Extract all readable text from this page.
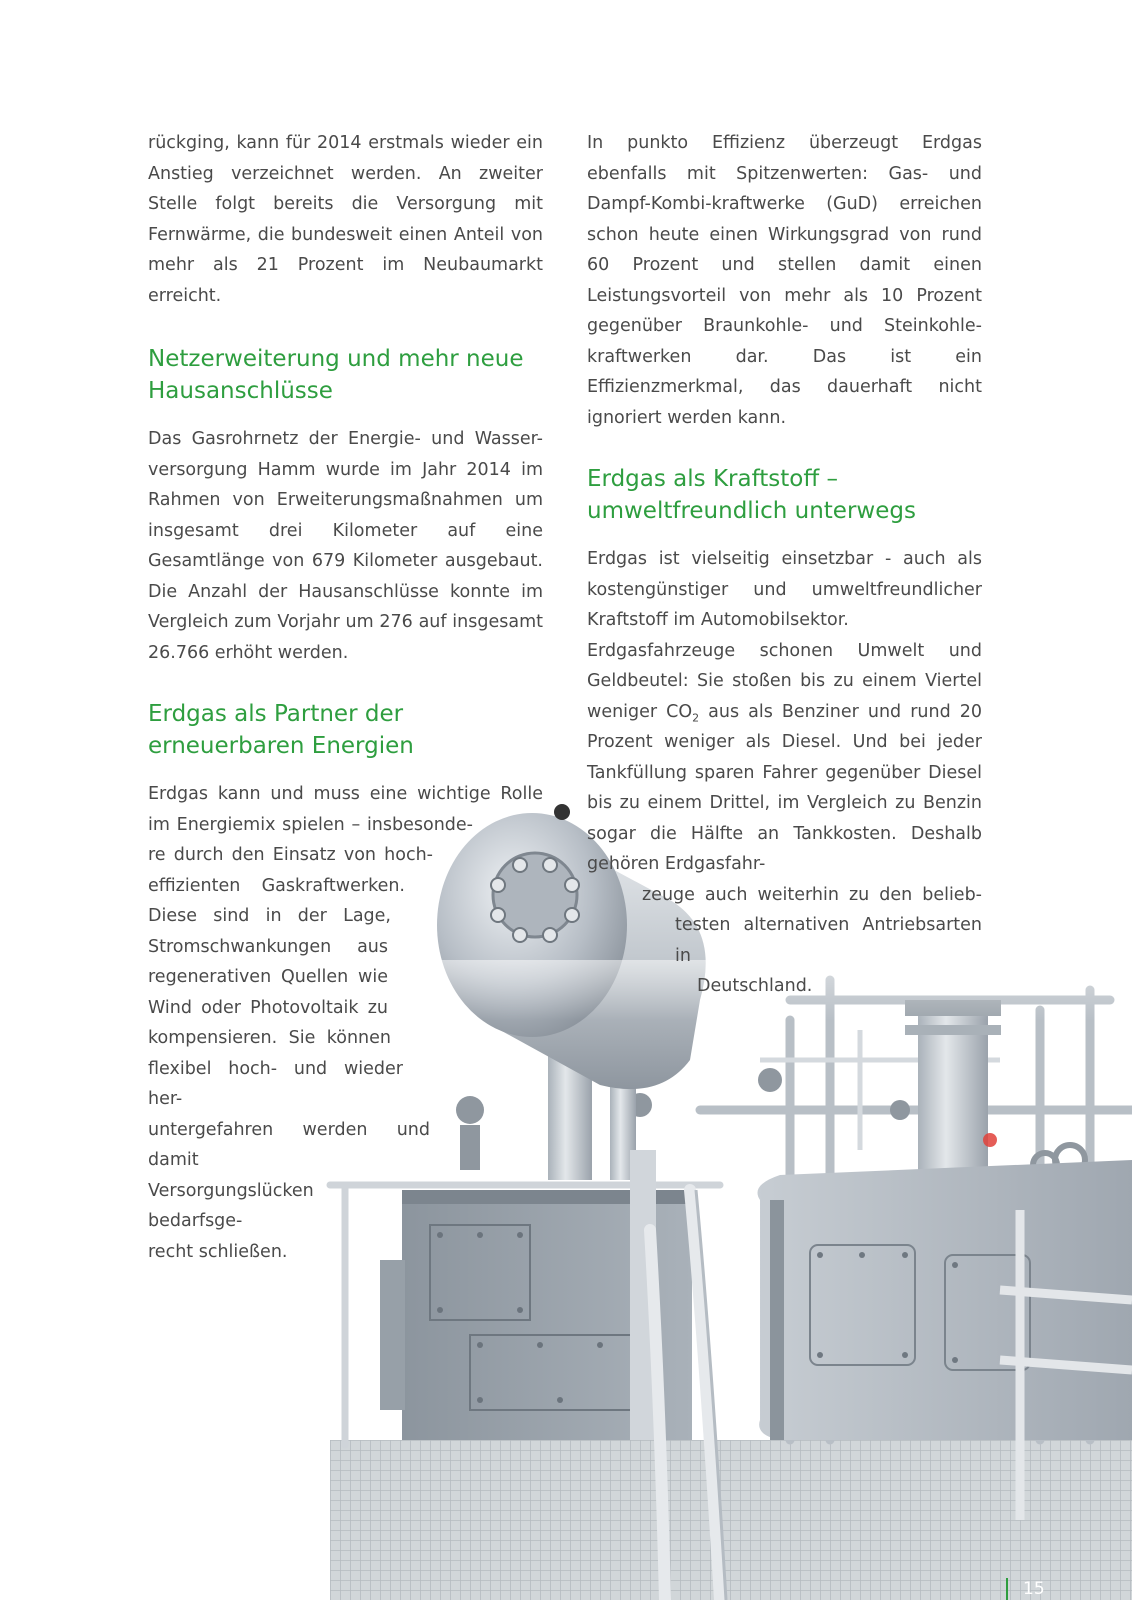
15

rückging, kann für 2014 erstmals wieder ein Anstieg verzeichnet werden. An zweiter Stelle folgt bereits die Versorgung mit Fernwärme, die bundesweit einen Anteil von mehr als 21 Prozent im Neubaumarkt erreicht.

Netzerweiterung und mehr neue Hausanschlüsse

Das Gasrohrnetz der Energie- und Wasser-versorgung Hamm wurde im Jahr 2014 im Rahmen von Erweiterungsmaßnahmen um insgesamt drei Kilometer auf eine Gesamtlänge von 679 Kilometer ausgebaut. Die Anzahl der Hausanschlüsse konnte im Vergleich zum Vorjahr um 276 auf insgesamt 26.766 erhöht werden.

Erdgas als Partner der erneuerbaren Energien
Erdgas kann und muss eine wichtige Rolle
im Energiemix spielen – insbesonde-
re durch den Einsatz von hoch-
effizienten Gaskraftwerken.
Diese sind in der Lage,
Stromschwankungen aus
regenerativen Quellen wie
Wind oder Photovoltaik zu
kompensieren. Sie können
flexibel hoch- und wieder her-
untergefahren werden und damit
Versorgungslücken bedarfsge-
recht schließen.

In punkto Effizienz überzeugt Erdgas ebenfalls mit Spitzenwerten: Gas- und Dampf-Kombi-kraftwerke (GuD) erreichen schon heute einen Wirkungsgrad von rund 60 Prozent und stellen damit einen Leistungsvorteil von mehr als 10 Prozent gegenüber Braunkohle- und Steinkohle-kraftwerken dar. Das ist ein Effizienzmerkmal, das dauerhaft nicht ignoriert werden kann.

Erdgas als Kraftstoff – umweltfreundlich unterwegs

Erdgas ist vielseitig einsetzbar - auch als kostengünstiger und umweltfreundlicher Kraftstoff im Automobilsektor.

Erdgasfahrzeuge schonen Umwelt und Geldbeutel: Sie stoßen bis zu einem Viertel weniger $CO_2$ aus als Benziner und rund 20 Prozent weniger als Diesel. Und bei jeder Tankfüllung sparen Fahrer gegenüber Diesel bis zu einem Drittel, im Vergleich zu Benzin sogar die Hälfte an Tankkosten. Deshalb gehören Erdgasfahr-

zeuge auch weiterhin zu den belieb-
testen alternativen Antriebsarten in
Deutschland.
